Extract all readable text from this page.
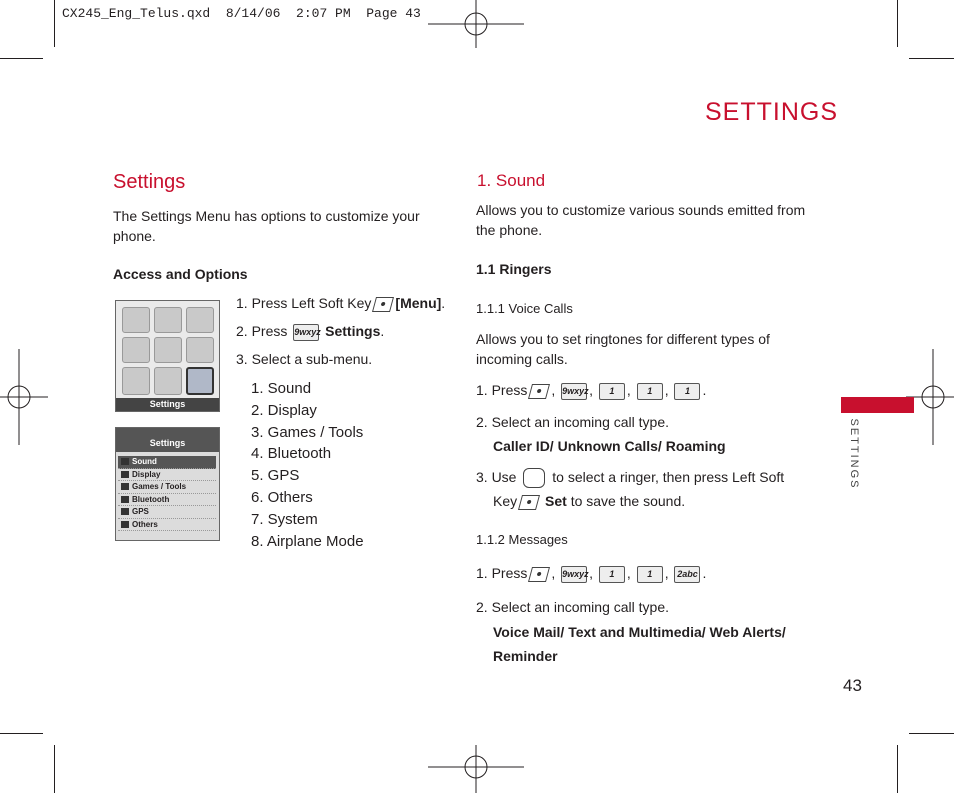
CX245_Eng_Telus.qxd  8/14/06  2:07 PM  Page 43
SETTINGS
SETTINGS
43
Settings
The Settings Menu has options to customize your phone.
Access and Options
1. Press Left Soft Key [Menu].
2. Press 9wxyz Settings.
3. Select a sub-menu.
1. Sound
2. Display
3. Games / Tools
4. Bluetooth
5. GPS
6. Others
7. System
8. Airplane Mode
Settings
Settings
Sound
Display
Games / Tools
Bluetooth
GPS
Others
1. Sound
Allows you to customize various sounds emitted from the phone.
1.1 Ringers
1.1.1 Voice Calls
Allows you to set ringtones for different types of incoming calls.
1. Press , 9wxyz, 1 , 1 , 1 .
2. Select an incoming call type.
Caller ID/ Unknown Calls/ Roaming
3. Use	to select a ringer, then press Left Soft
Key Set to save the sound.
1.1.2 Messages
1. Press , 9wxyz, 1 , 1 , 2abc .
2. Select an incoming call type.
Voice Mail/ Text and Multimedia/ Web Alerts/ Reminder
